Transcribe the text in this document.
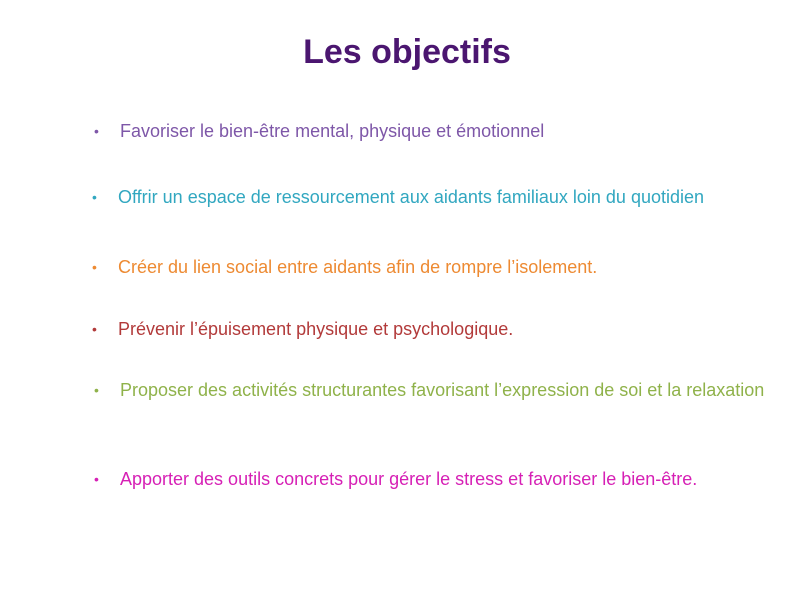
Les objectifs
•	Favoriser le bien-être mental, physique et émotionnel
•	Offrir un espace de ressourcement aux aidants familiaux loin du quotidien
•	Créer du lien social entre aidants afin de rompre l’isolement.
•	Prévenir l’épuisement physique et psychologique.
•	Proposer des activités structurantes favorisant l’expression de soi et la relaxation
•	Apporter des outils concrets pour gérer le stress et favoriser le bien-être.
